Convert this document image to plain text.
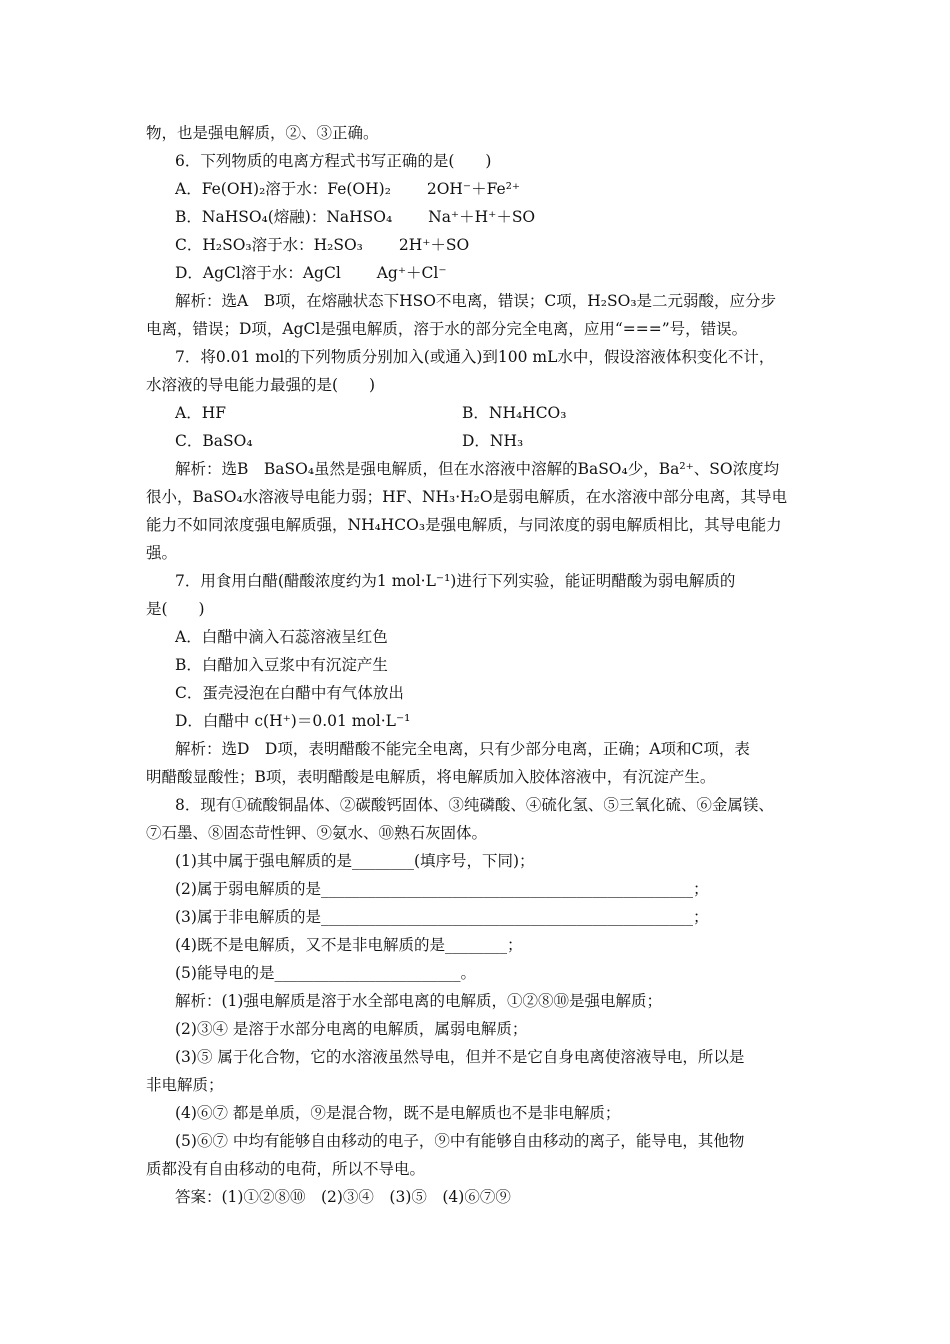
物，也是强电解质，②、③正确。
6．下列物质的电离方程式书写正确的是(　　)
A．Fe(OH)₂溶于水：Fe(OH)₂　　 2OH⁻＋Fe²⁺
B．NaHSO₄(熔融)：NaHSO₄　　 Na⁺＋H⁺＋SO
C．H₂SO₃溶于水：H₂SO₃　　 2H⁺＋SO
D．AgCl溶于水：AgCl　　 Ag⁺＋Cl⁻
解析：选A　B项，在熔融状态下HSO不电离，错误；C项，H₂SO₃是二元弱酸，应分步
电离，错误；D项，AgCl是强电解质，溶于水的部分完全电离，应用“===”号，错误。
7．将0.01 mol的下列物质分别加入(或通入)到100 mL水中，假设溶液体积变化不计，
水溶液的导电能力最强的是(　　)
A．HF	B．NH₄HCO₃
C．BaSO₄	D．NH₃
解析：选B　BaSO₄虽然是强电解质，但在水溶液中溶解的BaSO₄少，Ba²⁺、SO浓度均
很小，BaSO₄水溶液导电能力弱；HF、NH₃·H₂O是弱电解质，在水溶液中部分电离，其导电
能力不如同浓度强电解质强，NH₄HCO₃是强电解质，与同浓度的弱电解质相比，其导电能力
强。
7．用食用白醋(醋酸浓度约为1 mol·L⁻¹)进行下列实验，能证明醋酸为弱电解质的
是(　　)
A．白醋中滴入石蕊溶液呈红色
B．白醋加入豆浆中有沉淀产生
C．蛋壳浸泡在白醋中有气体放出
D．白醋中 c(H⁺)＝0.01 mol·L⁻¹
解析：选D　D项，表明醋酸不能完全电离，只有少部分电离，正确；A项和C项，表
明醋酸显酸性；B项，表明醋酸是电解质，将电解质加入胶体溶液中，有沉淀产生。
8．现有①硫酸铜晶体、②碳酸钙固体、③纯磷酸、④硫化氢、⑤三氧化硫、⑥金属镁、
⑦石墨、⑧固态苛性钾、⑨氨水、⑩熟石灰固体。
(1)其中属于强电解质的是________(填序号，下同)；
(2)属于弱电解质的是________________________________________________；
(3)属于非电解质的是________________________________________________；
(4)既不是电解质，又不是非电解质的是________；
(5)能导电的是________________________。
解析：(1)强电解质是溶于水全部电离的电解质，①②⑧⑩是强电解质；
(2)③④ 是溶于水部分电离的电解质，属弱电解质；
(3)⑤ 属于化合物，它的水溶液虽然导电，但并不是它自身电离使溶液导电，所以是
非电解质；
(4)⑥⑦ 都是单质，⑨是混合物，既不是电解质也不是非电解质；
(5)⑥⑦ 中均有能够自由移动的电子，⑨中有能够自由移动的离子，能导电，其他物
质都没有自由移动的电荷，所以不导电。
答案：(1)①②⑧⑩　(2)③④　(3)⑤　(4)⑥⑦⑨
